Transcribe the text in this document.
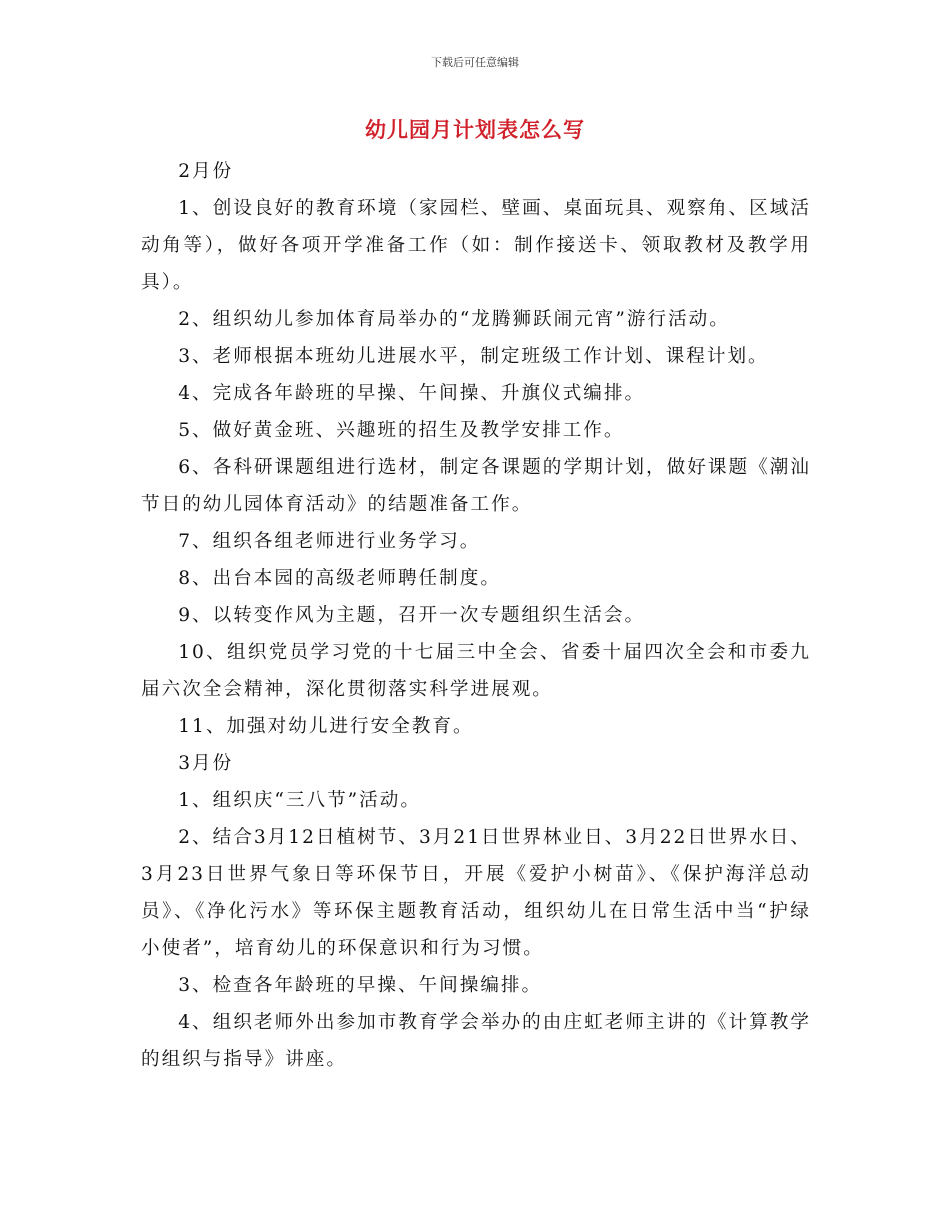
下载后可任意编辑
幼儿园月计划表怎么写

2月份

1、创设良好的教育环境（家园栏、壁画、桌面玩具、观察角、区域活动角等），做好各项开学准备工作（如：制作接送卡、领取教材及教学用具）。

2、组织幼儿参加体育局举办的“龙腾狮跃闹元宵”游行活动。

3、老师根据本班幼儿进展水平，制定班级工作计划、课程计划。

4、完成各年龄班的早操、午间操、升旗仪式编排。

5、做好黄金班、兴趣班的招生及教学安排工作。

6、各科研课题组进行选材，制定各课题的学期计划，做好课题《潮汕节日的幼儿园体育活动》的结题准备工作。

7、组织各组老师进行业务学习。

8、出台本园的高级老师聘任制度。

9、以转变作风为主题，召开一次专题组织生活会。

10、组织党员学习党的十七届三中全会、省委十届四次全会和市委九届六次全会精神，深化贯彻落实科学进展观。

11、加强对幼儿进行安全教育。

3月份

1、组织庆“三八节”活动。

2、结合3月12日植树节、3月21日世界林业日、3月22日世界水日、3月23日世界气象日等环保节日，开展《爱护小树苗》、《保护海洋总动员》、《净化污水》等环保主题教育活动，组织幼儿在日常生活中当“护绿小使者”，培育幼儿的环保意识和行为习惯。

3、检查各年龄班的早操、午间操编排。

4、组织老师外出参加市教育学会举办的由庄虹老师主讲的《计算教学的组织与指导》讲座。
